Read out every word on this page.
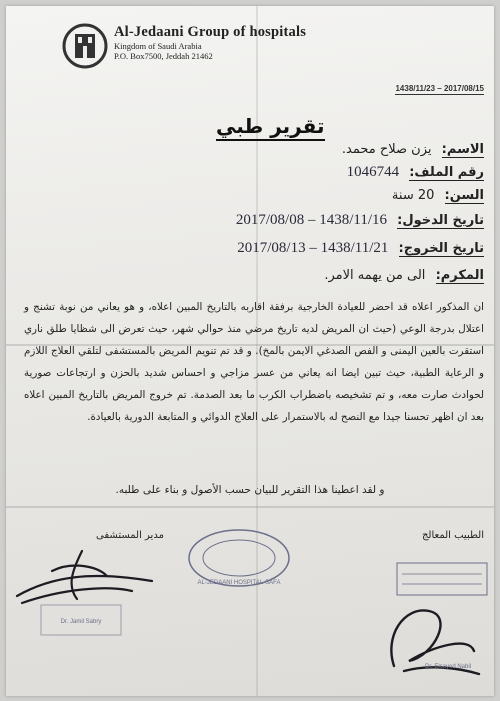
Al-Jedaani Group of hospitals
Kingdom of Saudi Arabia
P.O. Box7500, Jeddah 21462
1438/11/23 – 2017/08/15
تقرير طبي
الاسم: يزن صلاح محمد.
رقم الملف: 1046744
السن: 20 سنة
تاريخ الدخول: 1438/11/16 – 2017/08/08
تاريخ الخروج: 1438/11/21 – 2017/08/13
المكرم: الى من يهمه الامر.
ان المذكور اعلاه قد احضر للعيادة الخارجية برفقة اقاربه بالتاريخ المبين اعلاه، و هو يعاني من نوبة تشنج و اعتلال بدرجة الوعي (حيث ان المريض لديه تاريخ مرضي منذ حوالي شهر، حيث تعرض الى شظايا طلق ناري استقرت بالعين اليمنى و الفص الصدغي الايمن بالمخ). و قد تم تنويم المريض بالمستشفى لتلقي العلاج اللازم و الرعاية الطبية، حيث تبين ايضا انه يعاني من عسر مزاجي و احساس شديد بالحزن و ارتجاعات صورية لحوادث صارت معه، و تم تشخيصه باضطراب الكرب ما بعد الصدمة. تم خروج المريض بالتاريخ المبين اعلاه بعد ان اظهر تحسنا جيدا مع النصح له بالاستمرار على العلاج الدوائي و المتابعة الدورية بالعيادة.
و لقد اعطينا هذا التقرير للبيان حسب الأصول و بناء على طلبه.
مدير المستشفى	الطبيب المعالج
AL-JEDAANI HOSPITAL-SAFA
Dr. Jamil Sabry
Dr. Elsayed Nabil
